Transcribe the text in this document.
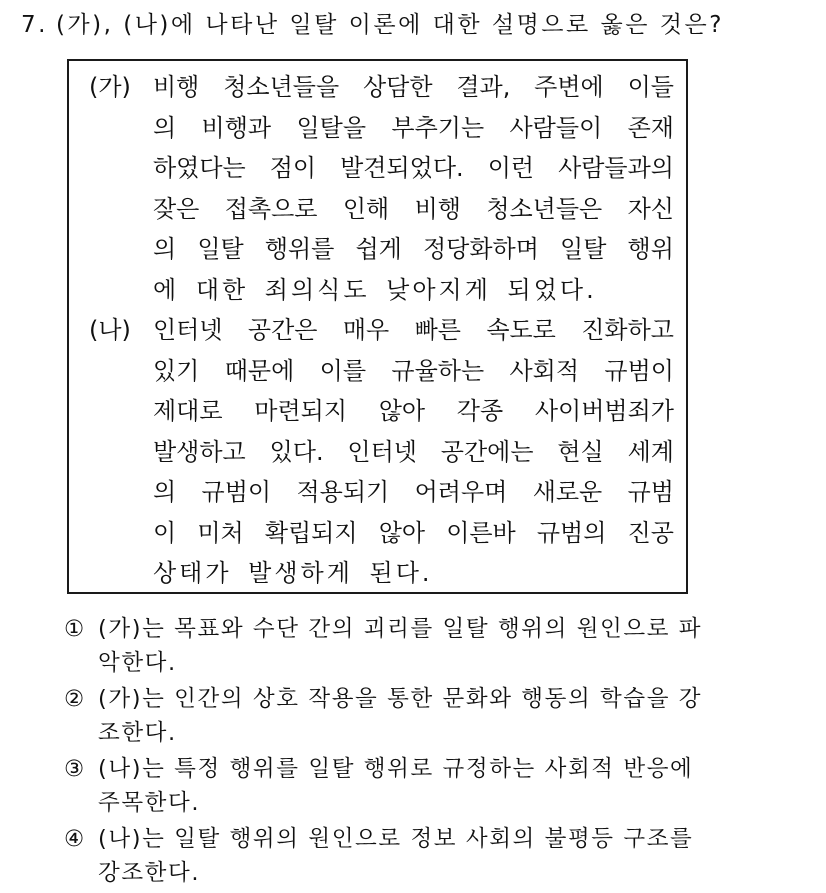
7. (가), (나)에 나타난 일탈 이론에 대한 설명으로 옳은 것은?
(가) 비행 청소년들을 상담한 결과, 주변에 이들
의 비행과 일탈을 부추기는 사람들이 존재
하였다는 점이 발견되었다. 이런 사람들과의
잦은 접촉으로 인해 비행 청소년들은 자신
의 일탈 행위를 쉽게 정당화하며 일탈 행위
에 대한 죄의식도 낮아지게 되었다.
(나) 인터넷 공간은 매우 빠른 속도로 진화하고
있기 때문에 이를 규율하는 사회적 규범이
제대로 마련되지 않아 각종 사이버범죄가
발생하고 있다. 인터넷 공간에는 현실 세계
의 규범이 적용되기 어려우며 새로운 규범
이 미처 확립되지 않아 이른바 규범의 진공
상태가 발생하게 된다.
① (가)는 목표와 수단 간의 괴리를 일탈 행위의 원인으로 파
악한다.
② (가)는 인간의 상호 작용을 통한 문화와 행동의 학습을 강
조한다.
③ (나)는 특정 행위를 일탈 행위로 규정하는 사회적 반응에
주목한다.
④ (나)는 일탈 행위의 원인으로 정보 사회의 불평등 구조를
강조한다.
